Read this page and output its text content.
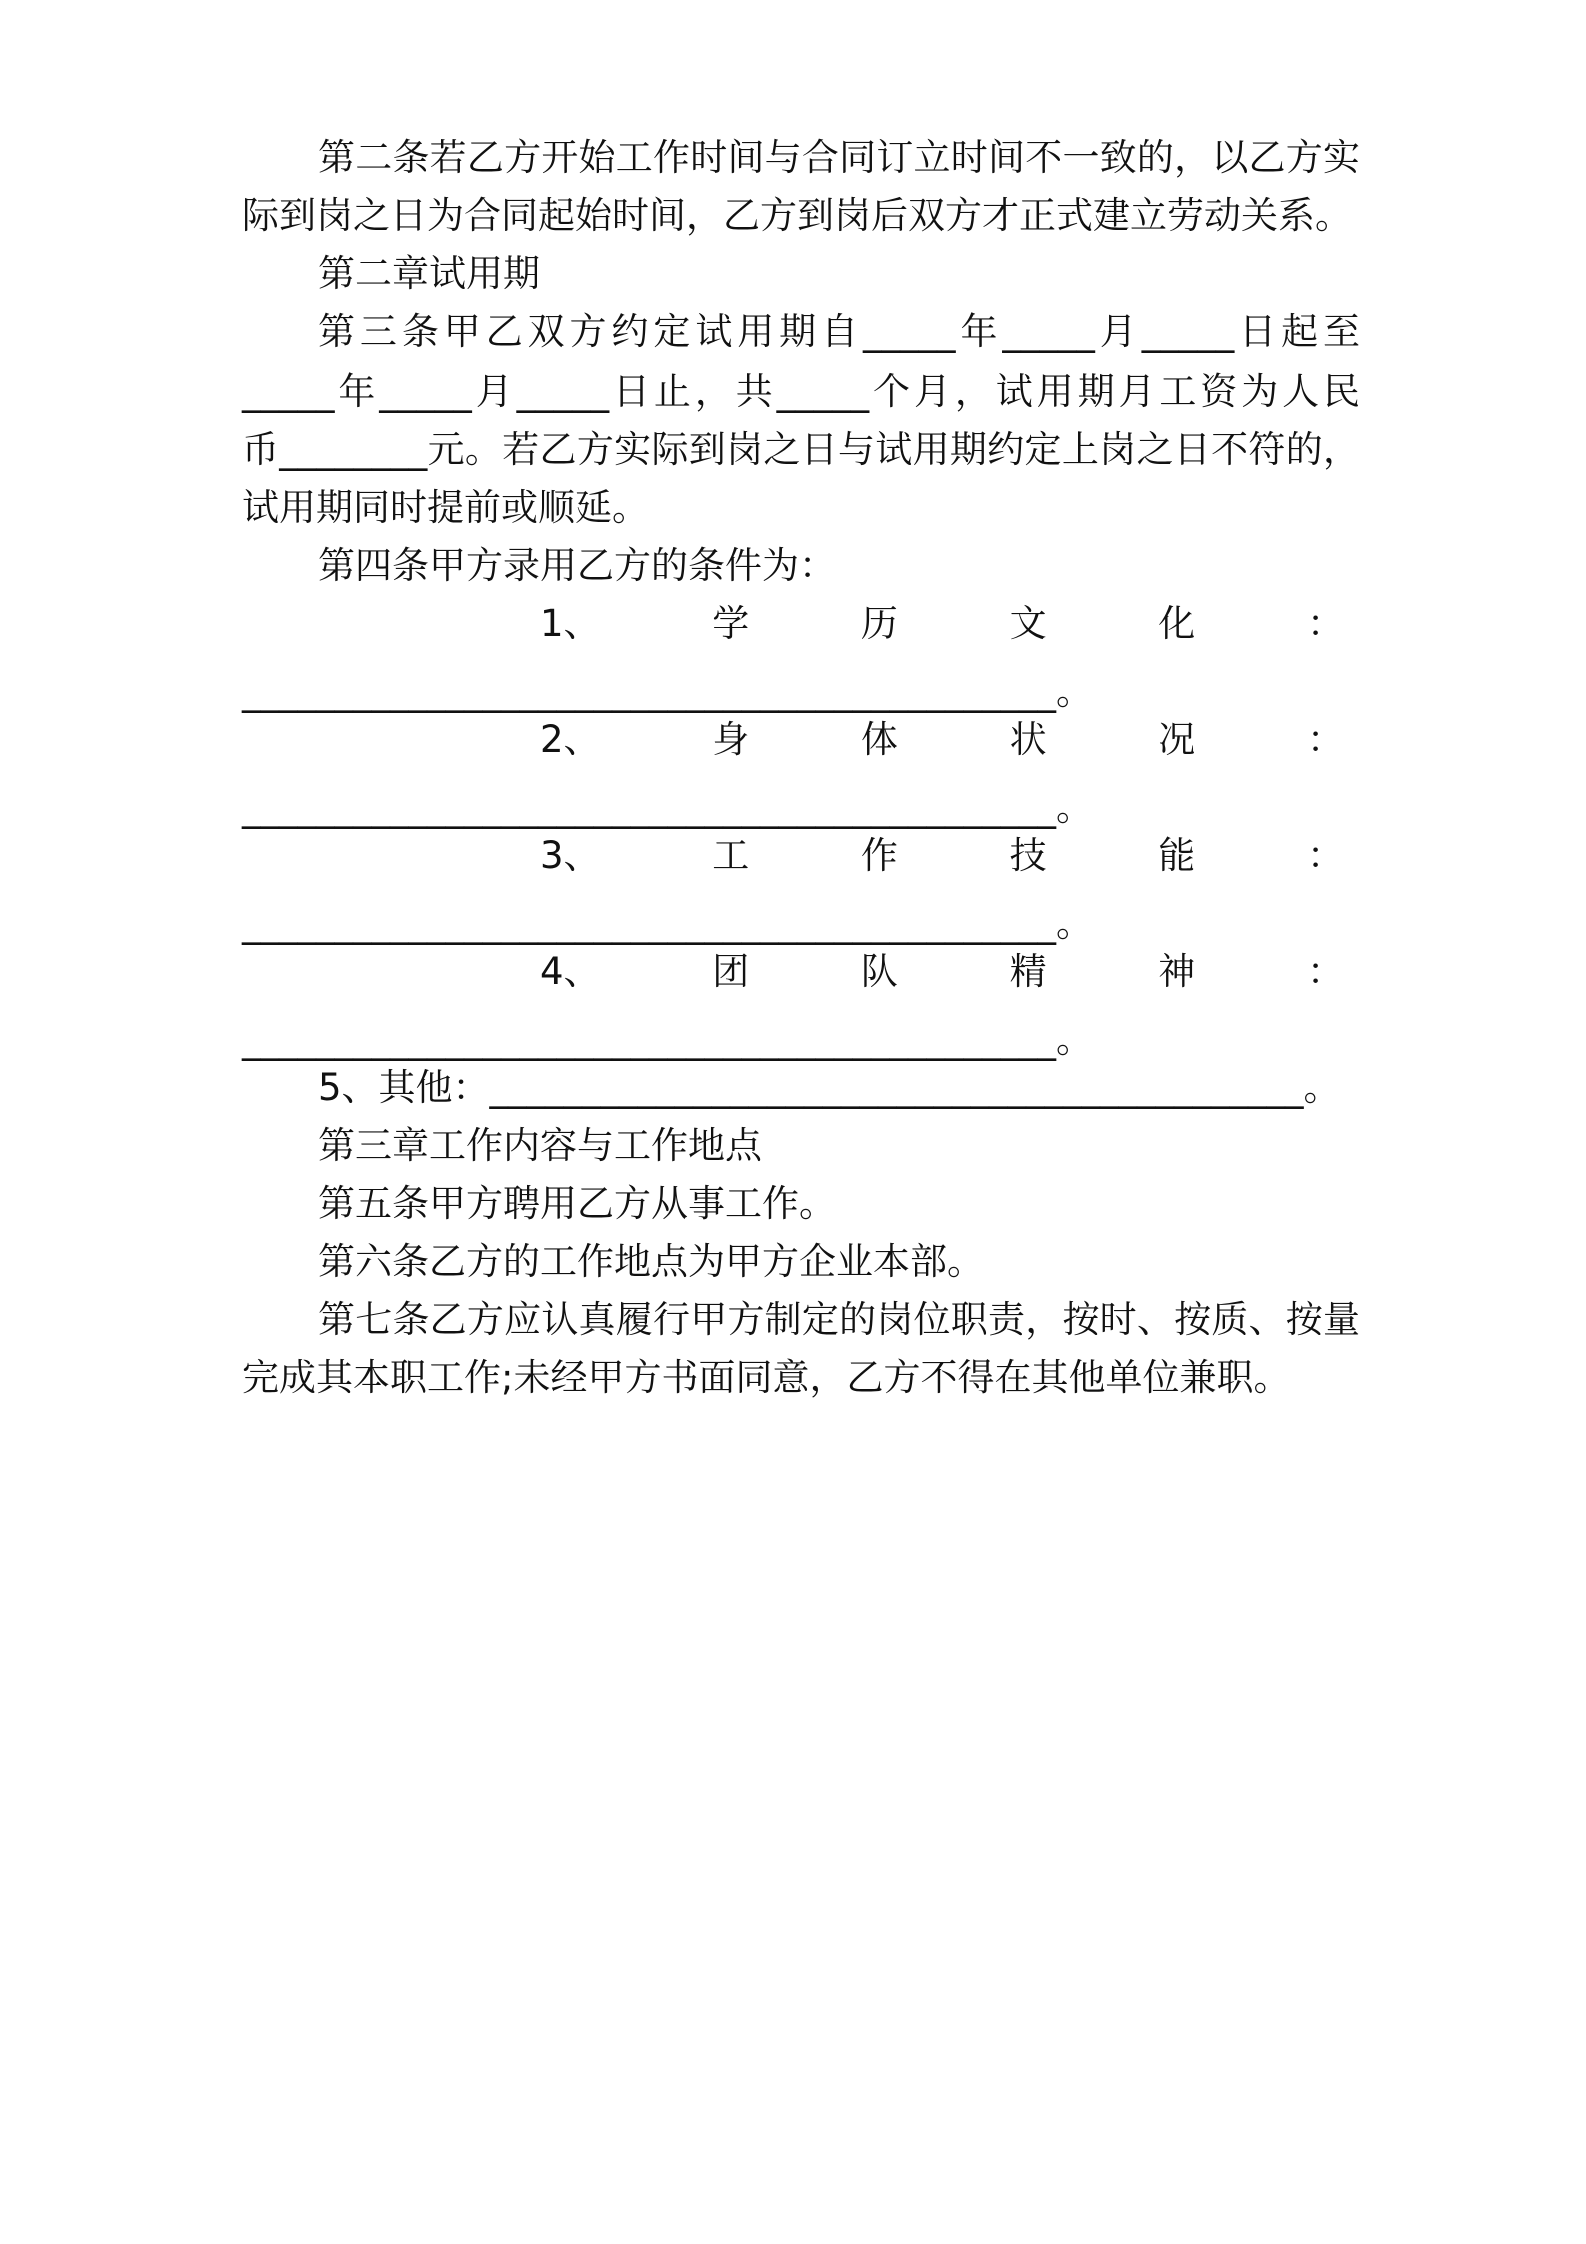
第二条若乙方开始工作时间与合同订立时间不一致的，以乙方实
际到岗之日为合同起始时间，乙方到岗后双方才正式建立劳动关系。
第二章试用期
第三条甲乙双方约定试用期自_____年_____月_____日起至
_____年_____月_____日止，共_____个月，试用期月工资为人民
币________元。若乙方实际到岗之日与试用期约定上岗之日不符的，
试用期同时提前或顺延。
第四条甲方录用乙方的条件为：
1、	学	历	文	化	：
____________________________________________。
2、	身	体	状	况	：
____________________________________________。
3、	工	作	技	能	：
____________________________________________。
4、	团	队	精	神	：
____________________________________________。
5、其他：____________________________________________。
第三章工作内容与工作地点
第五条甲方聘用乙方从事工作。
第六条乙方的工作地点为甲方企业本部。
第七条乙方应认真履行甲方制定的岗位职责，按时、按质、按量
完成其本职工作;未经甲方书面同意，乙方不得在其他单位兼职。
